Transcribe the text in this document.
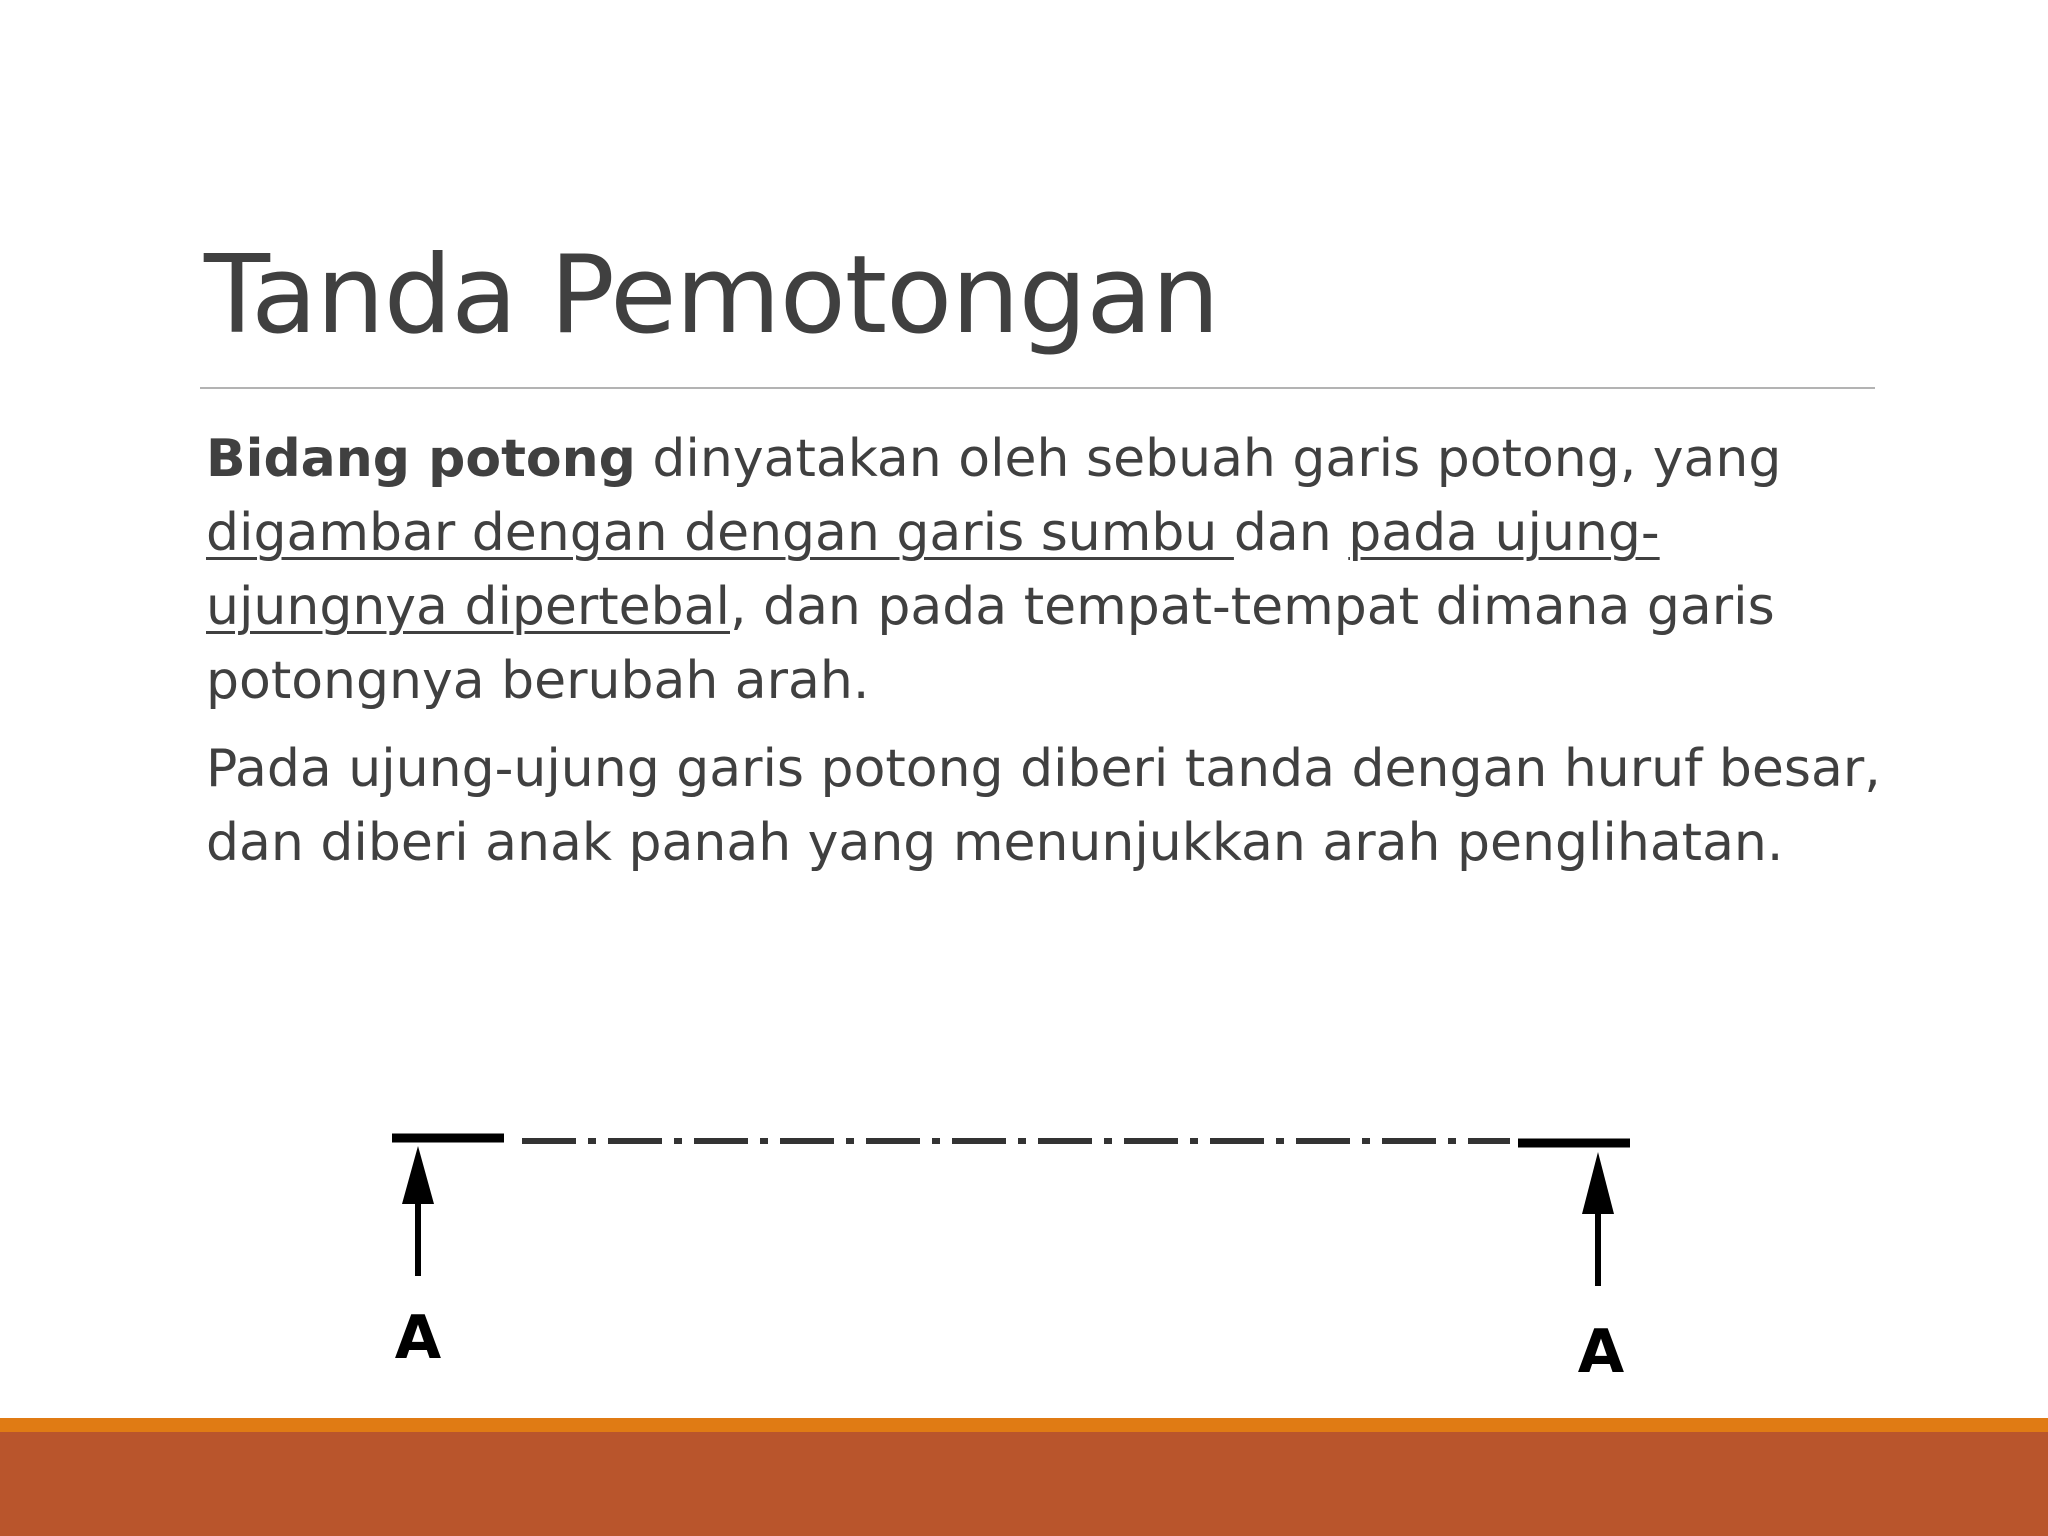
Tanda Pemotongan

Bidang potong dinyatakan oleh sebuah garis potong, yang digambar dengan dengan garis sumbu dan pada ujung-ujungnya dipertebal, dan pada tempat-tempat dimana garis potongnya berubah arah.

Pada ujung-ujung garis potong diberi tanda dengan huruf besar, dan diberi anak panah yang menunjukkan arah penglihatan.

A	A
